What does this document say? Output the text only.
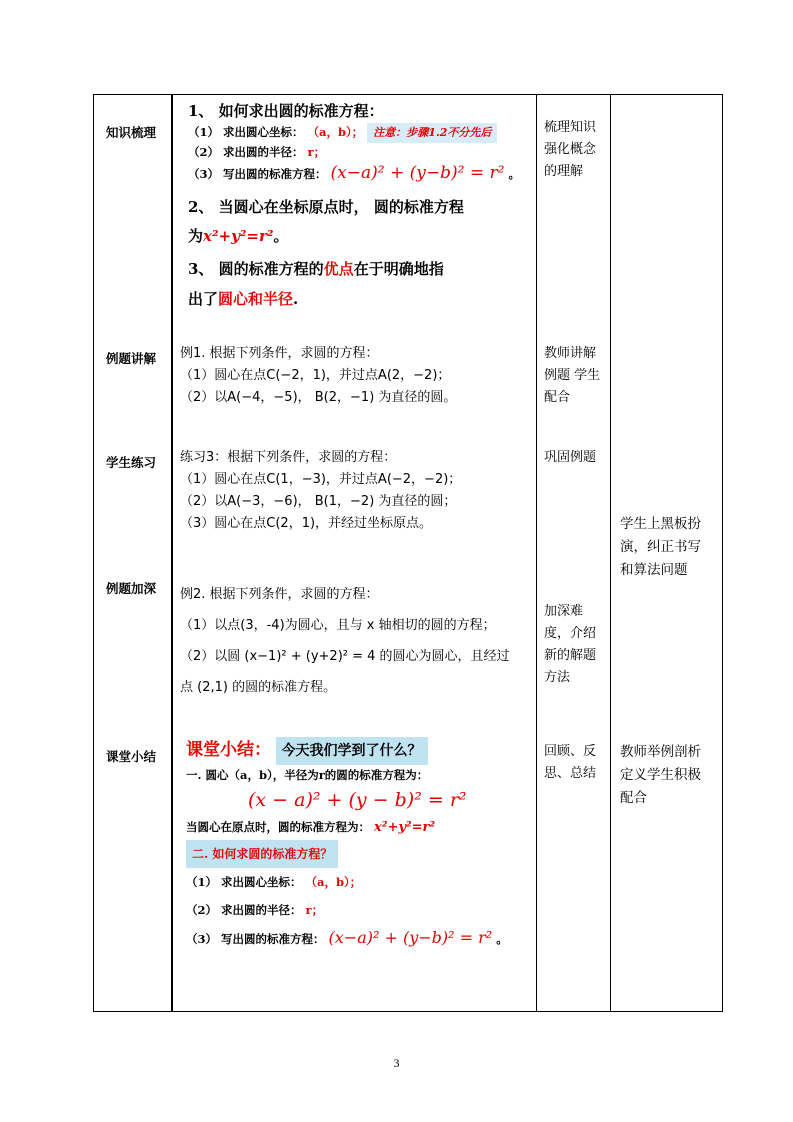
知识梳理
例题讲解
学生练习
例题加深
课堂小结
1、 如何求出圆的标准方程：
（1） 求出圆心坐标： （a，b）； 注意：步骤1.2不分先后
（2） 求出圆的半径： r；
（3） 写出圆的标准方程： (x−a)² + (y−b)² = r² 。
2、 当圆心在坐标原点时， 圆的标准方程
为x²+y²=r²。
3、 圆的标准方程的优点在于明确地指
出了圆心和半径.
梳理知识强化概念的理解
例1. 根据下列条件，求圆的方程：
（1）圆心在点C(−2，1)，并过点A(2，−2)；
（2）以A(−4，−5)， B(2，−1) 为直径的圆。
教师讲解例题 学生配合
练习3：根据下列条件，求圆的方程：
（1）圆心在点C(1，−3)，并过点A(−2，−2)；
（2）以A(−3，−6)， B(1，−2) 为直径的圆；
（3）圆心在点C(2，1)，并经过坐标原点。
巩固例题
学生上黑板扮演，纠正书写和算法问题
例2. 根据下列条件，求圆的方程：
（1）以点(3，-4)为圆心，且与 x 轴相切的圆的方程；
（2）以圆 (x−1)² + (y+2)² = 4 的圆心为圆心，且经过
点 (2,1) 的圆的标准方程。
加深难度，介绍新的解题方法
课堂小结： 今天我们学到了什么？
一. 圆心（a，b），半径为r的圆的标准方程为：
(x − a)² + (y − b)² = r²
当圆心在原点时，圆的标准方程为： x²+y²=r²
二. 如何求圆的标准方程？
（1） 求出圆心坐标： （a，b）；
（2） 求出圆的半径： r；
（3） 写出圆的标准方程： (x−a)² + (y−b)² = r² 。
回顾、反思、总结
教师举例剖析定义学生积极配合
3
